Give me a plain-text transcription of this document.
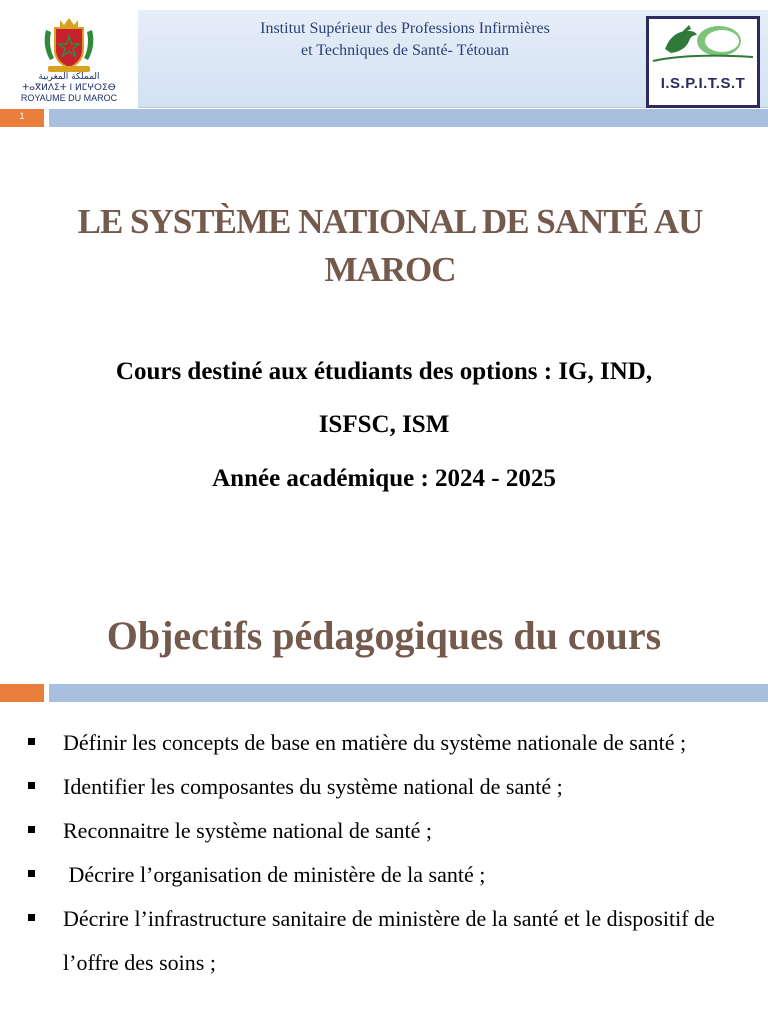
المملكة المغربية
ⵜⴰⴳⵍⴷⵉⵜ ⵏ ⵍⵎⵖⵔⵉⴱ
ROYAUME DU MAROC
Institut Supérieur des Professions Infirmières
et Techniques de Santé- Tétouan
I.S.P.I.T.S.T
1
LE SYSTÈME NATIONAL DE SANTÉ AU
MAROC
Cours destiné aux étudiants des options : IG, IND,
ISFSC, ISM
Année académique : 2024 - 2025
Objectifs pédagogiques du cours
Définir les concepts de base en matière du système nationale de santé ;
Identifier les composantes du système national de santé ;
Reconnaitre le système national de santé ;
Décrire l’organisation de ministère de la santé ;
Décrire l’infrastructure sanitaire de ministère de la santé et le dispositif de l’offre des soins ;
